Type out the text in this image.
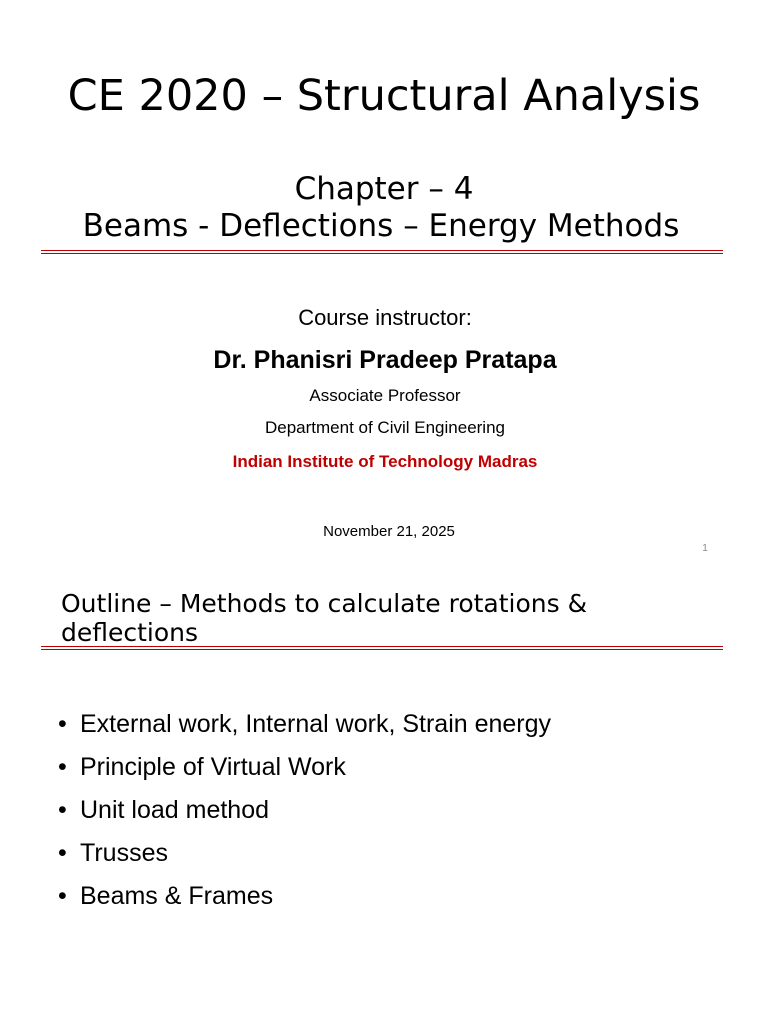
CE 2020 – Structural Analysis
Chapter – 4
Beams - Deflections – Energy Methods
Course instructor:
Dr. Phanisri Pradeep Pratapa
Associate Professor
Department of Civil Engineering
Indian Institute of Technology Madras
November 21, 2025
1
Outline – Methods to calculate rotations & deflections
• External work, Internal work, Strain energy
• Principle of Virtual Work
• Unit load method
• Trusses
• Beams & Frames
